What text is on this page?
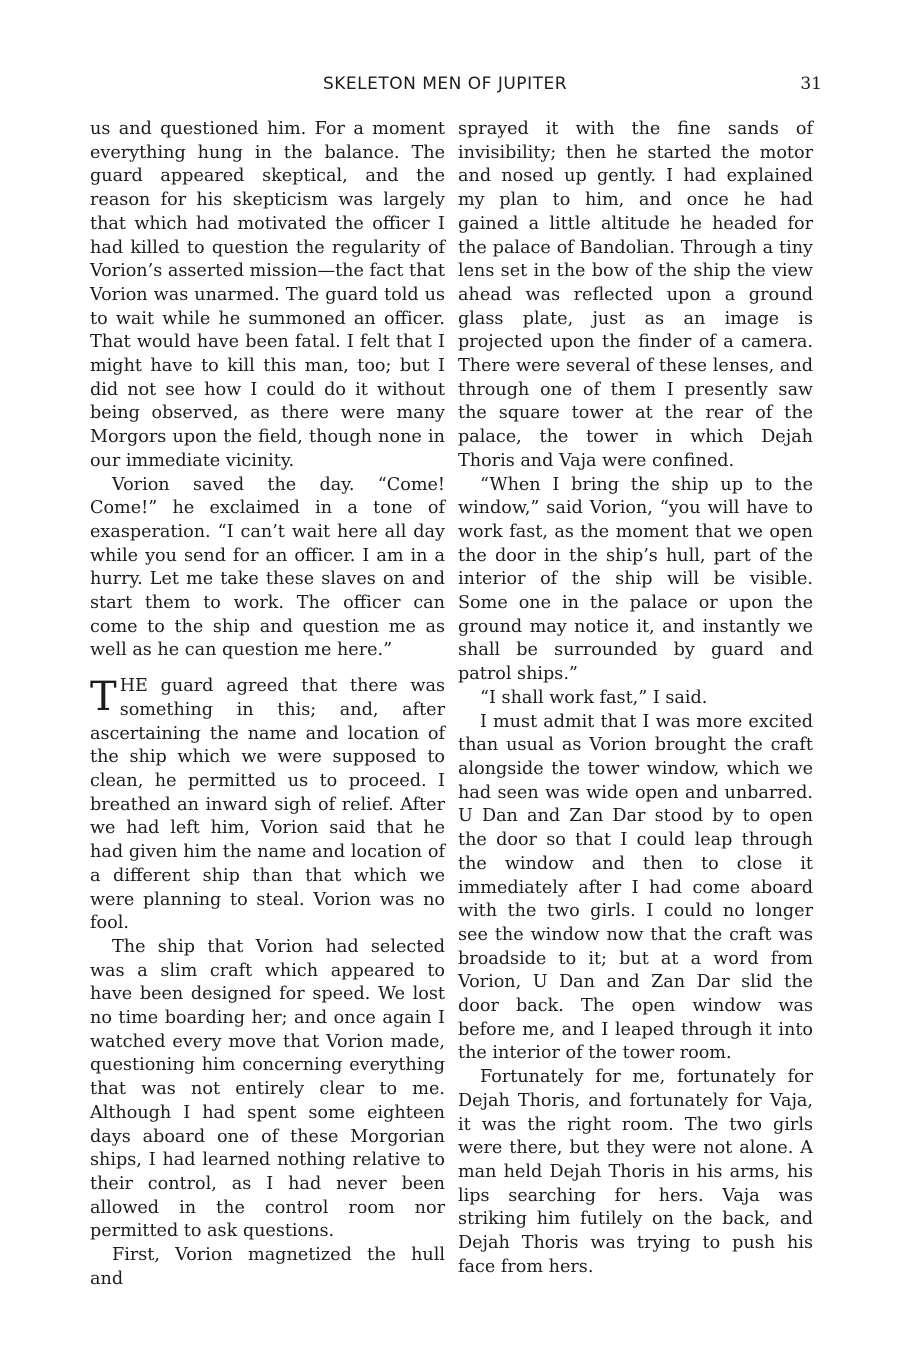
SKELETON MEN OF JUPITER	31

us and questioned him. For a moment everything hung in the balance. The guard appeared skeptical, and the reason for his skepticism was largely that which had motivated the officer I had killed to question the regularity of Vorion’s asserted mission—the fact that Vorion was unarmed. The guard told us to wait while he summoned an officer. That would have been fatal. I felt that I might have to kill this man, too; but I did not see how I could do it without being observed, as there were many Morgors upon the field, though none in our immediate vicinity.

Vorion saved the day. “Come! Come!” he exclaimed in a tone of exasperation. “I can’t wait here all day while you send for an officer. I am in a hurry. Let me take these slaves on and start them to work. The officer can come to the ship and question me as well as he can question me here.”

T HE guard agreed that there was something in this; and, after ascertaining the name and location of the ship which we were supposed to clean, he permitted us to proceed. I breathed an inward sigh of relief. After we had left him, Vorion said that he had given him the name and location of a different ship than that which we were planning to steal. Vorion was no fool.

The ship that Vorion had selected was a slim craft which appeared to have been designed for speed. We lost no time boarding her; and once again I watched every move that Vorion made, questioning him concerning everything that was not entirely clear to me. Although I had spent some eighteen days aboard one of these Morgorian ships, I had learned nothing relative to their control, as I had never been allowed in the control room nor permitted to ask questions.

First, Vorion magnetized the hull and

sprayed it with the fine sands of invisibility; then he started the motor and nosed up gently. I had explained my plan to him, and once he had gained a little altitude he headed for the palace of Bandolian. Through a tiny lens set in the bow of the ship the view ahead was reflected upon a ground glass plate, just as an image is projected upon the finder of a camera. There were several of these lenses, and through one of them I presently saw the square tower at the rear of the palace, the tower in which Dejah Thoris and Vaja were confined.

“When I bring the ship up to the window,” said Vorion, “you will have to work fast, as the moment that we open the door in the ship’s hull, part of the interior of the ship will be visible. Some one in the palace or upon the ground may notice it, and instantly we shall be surrounded by guard and patrol ships.”

“I shall work fast,” I said.

I must admit that I was more excited than usual as Vorion brought the craft alongside the tower window, which we had seen was wide open and unbarred. U Dan and Zan Dar stood by to open the door so that I could leap through the window and then to close it immediately after I had come aboard with the two girls. I could no longer see the window now that the craft was broadside to it; but at a word from Vorion, U Dan and Zan Dar slid the door back. The open window was before me, and I leaped through it into the interior of the tower room.

Fortunately for me, fortunately for Dejah Thoris, and fortunately for Vaja, it was the right room. The two girls were there, but they were not alone. A man held Dejah Thoris in his arms, his lips searching for hers. Vaja was striking him futilely on the back, and Dejah Thoris was trying to push his face from hers.
